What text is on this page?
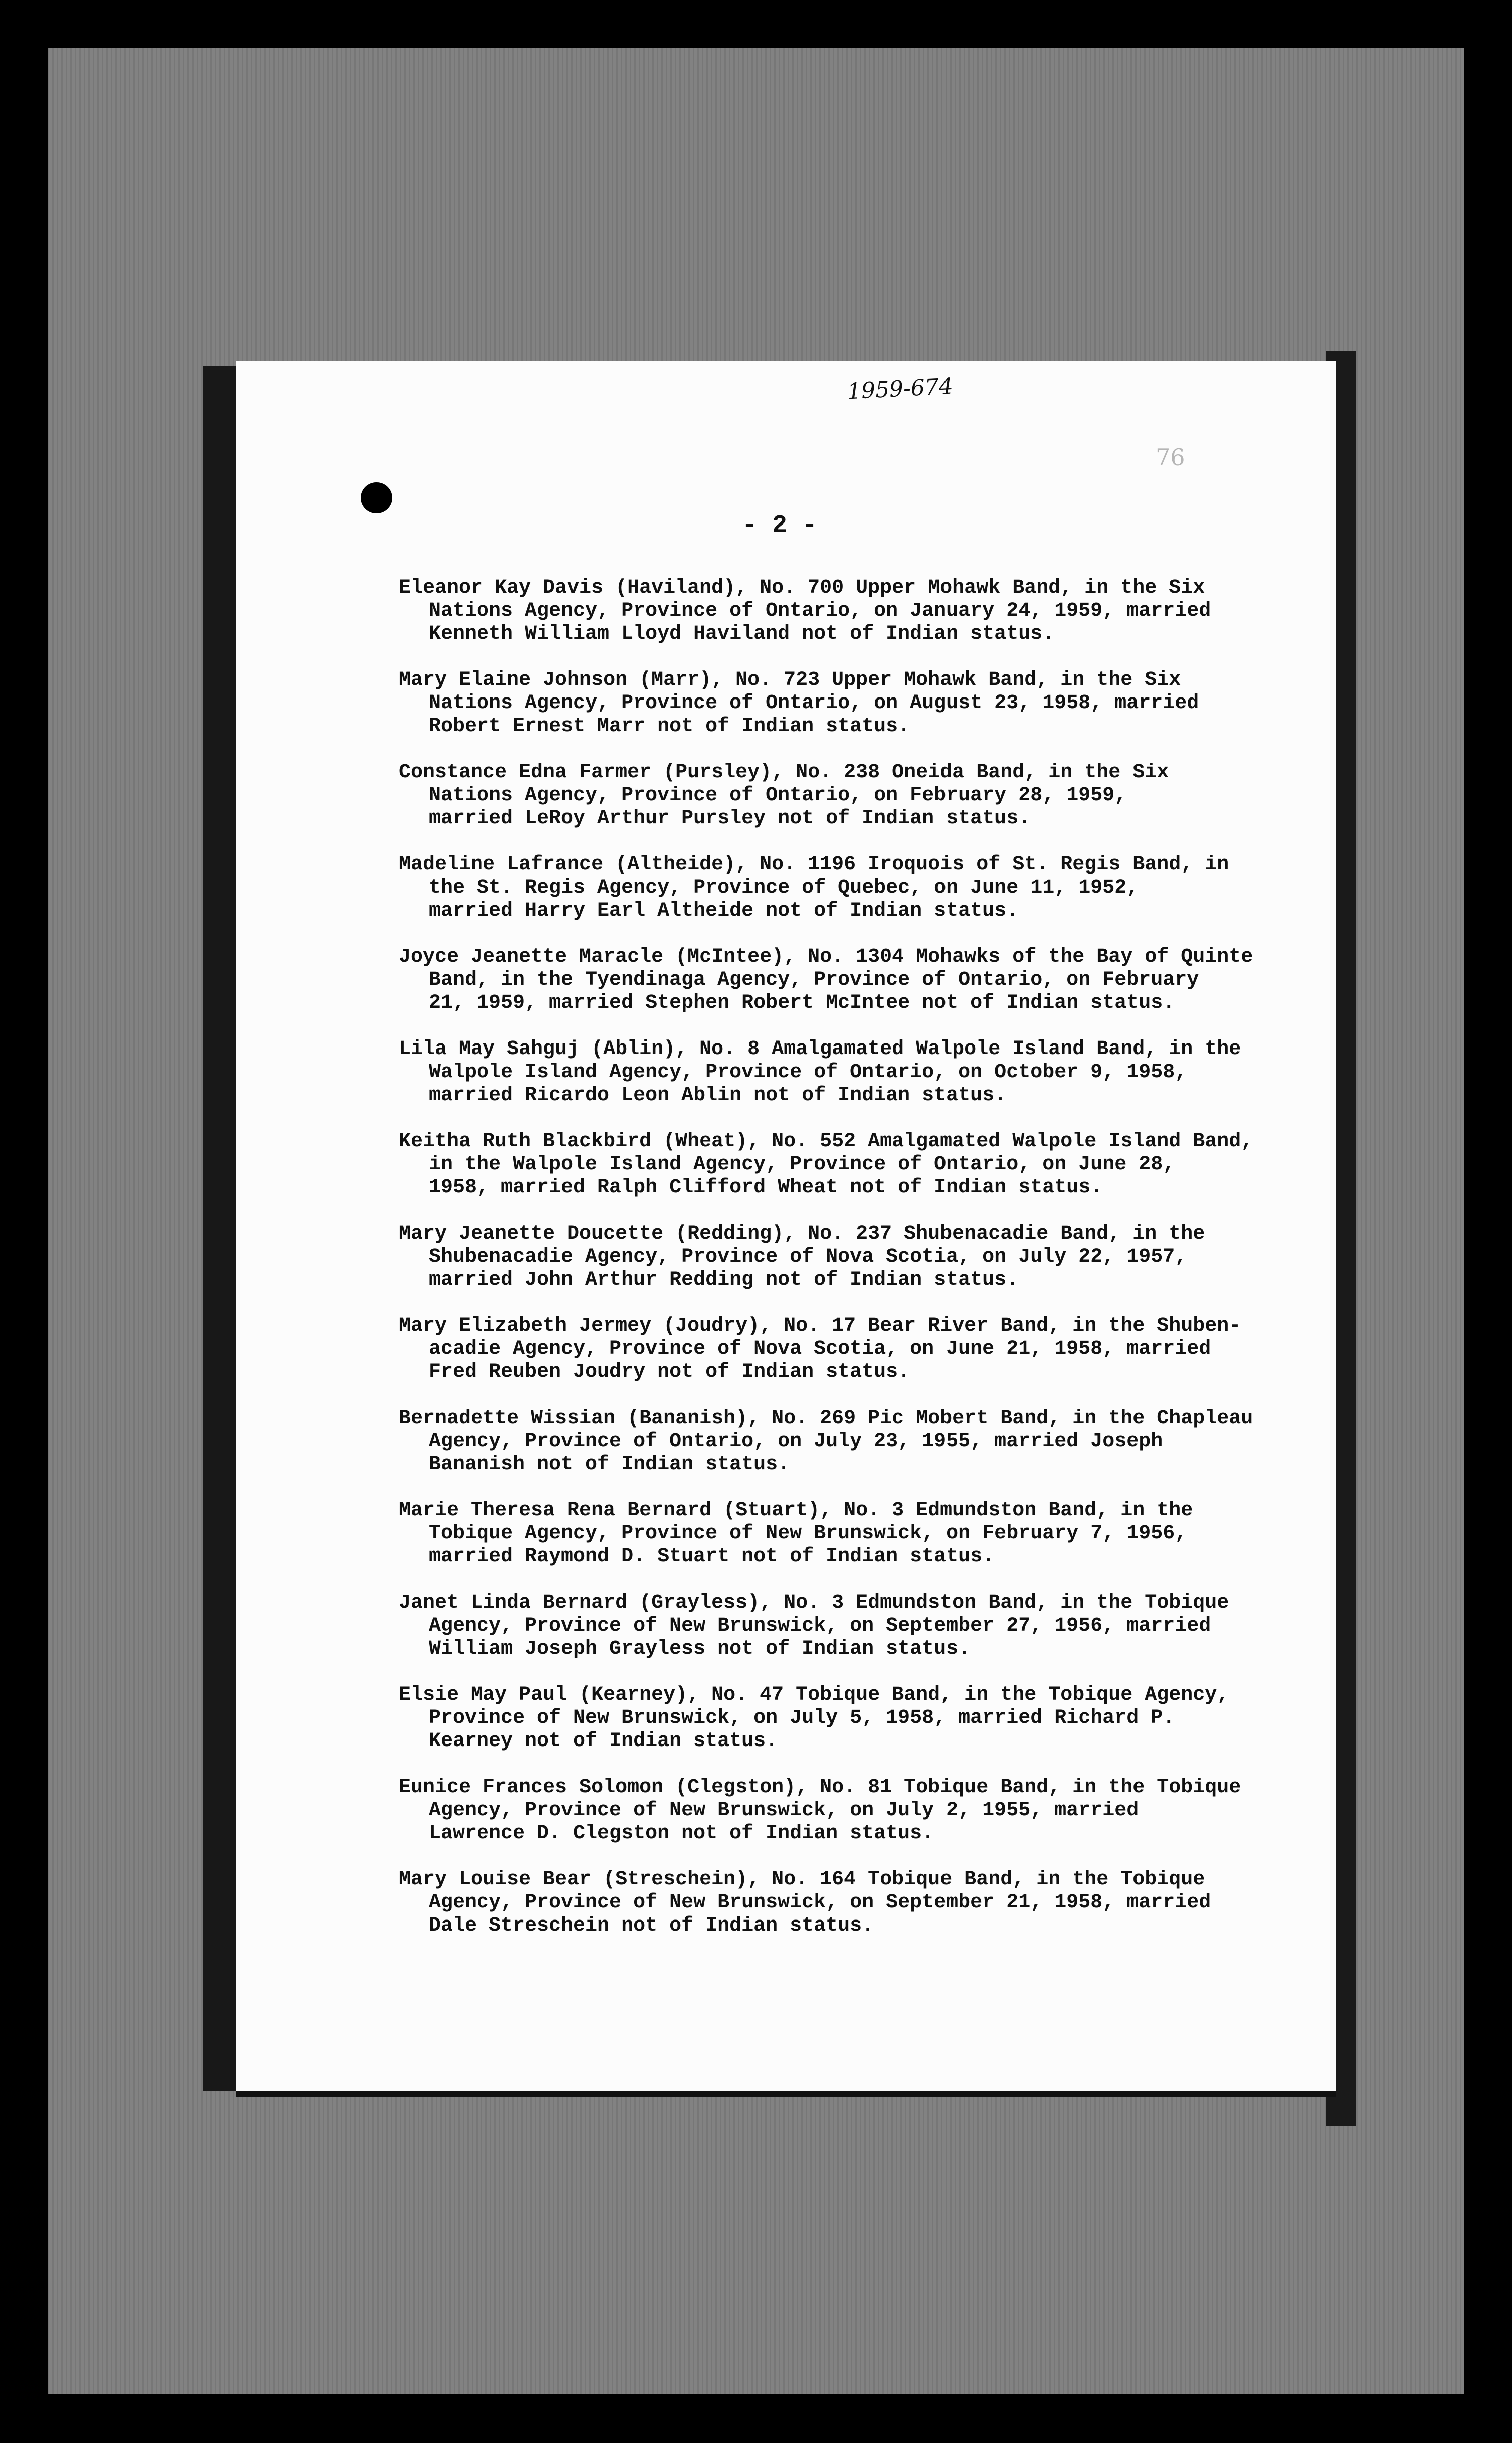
1959-674
76
- 2 -
Eleanor Kay Davis (Haviland), No. 700 Upper Mohawk Band, in the Six
Nations Agency, Province of Ontario, on January 24, 1959, married
Kenneth William Lloyd Haviland not of Indian status.
Mary Elaine Johnson (Marr), No. 723 Upper Mohawk Band, in the Six
Nations Agency, Province of Ontario, on August 23, 1958, married
Robert Ernest Marr not of Indian status.
Constance Edna Farmer (Pursley), No. 238 Oneida Band, in the Six
Nations Agency, Province of Ontario, on February 28, 1959,
married LeRoy Arthur Pursley not of Indian status.
Madeline Lafrance (Altheide), No. 1196 Iroquois of St. Regis Band, in
the St. Regis Agency, Province of Quebec, on June 11, 1952,
married Harry Earl Altheide not of Indian status.
Joyce Jeanette Maracle (McIntee), No. 1304 Mohawks of the Bay of Quinte
Band, in the Tyendinaga Agency, Province of Ontario, on February
21, 1959, married Stephen Robert McIntee not of Indian status.
Lila May Sahguj (Ablin), No. 8 Amalgamated Walpole Island Band, in the
Walpole Island Agency, Province of Ontario, on October 9, 1958,
married Ricardo Leon Ablin not of Indian status.
Keitha Ruth Blackbird (Wheat), No. 552 Amalgamated Walpole Island Band,
in the Walpole Island Agency, Province of Ontario, on June 28,
1958, married Ralph Clifford Wheat not of Indian status.
Mary Jeanette Doucette (Redding), No. 237 Shubenacadie Band, in the
Shubenacadie Agency, Province of Nova Scotia, on July 22, 1957,
married John Arthur Redding not of Indian status.
Mary Elizabeth Jermey (Joudry), No. 17 Bear River Band, in the Shuben-
acadie Agency, Province of Nova Scotia, on June 21, 1958, married
Fred Reuben Joudry not of Indian status.
Bernadette Wissian (Bananish), No. 269 Pic Mobert Band, in the Chapleau
Agency, Province of Ontario, on July 23, 1955, married Joseph
Bananish not of Indian status.
Marie Theresa Rena Bernard (Stuart), No. 3 Edmundston Band, in the
Tobique Agency, Province of New Brunswick, on February 7, 1956,
married Raymond D. Stuart not of Indian status.
Janet Linda Bernard (Grayless), No. 3 Edmundston Band, in the Tobique
Agency, Province of New Brunswick, on September 27, 1956, married
William Joseph Grayless not of Indian status.
Elsie May Paul (Kearney), No. 47 Tobique Band, in the Tobique Agency,
Province of New Brunswick, on July 5, 1958, married Richard P.
Kearney not of Indian status.
Eunice Frances Solomon (Clegston), No. 81 Tobique Band, in the Tobique
Agency, Province of New Brunswick, on July 2, 1955, married
Lawrence D. Clegston not of Indian status.
Mary Louise Bear (Streschein), No. 164 Tobique Band, in the Tobique
Agency, Province of New Brunswick, on September 21, 1958, married
Dale Streschein not of Indian status.
